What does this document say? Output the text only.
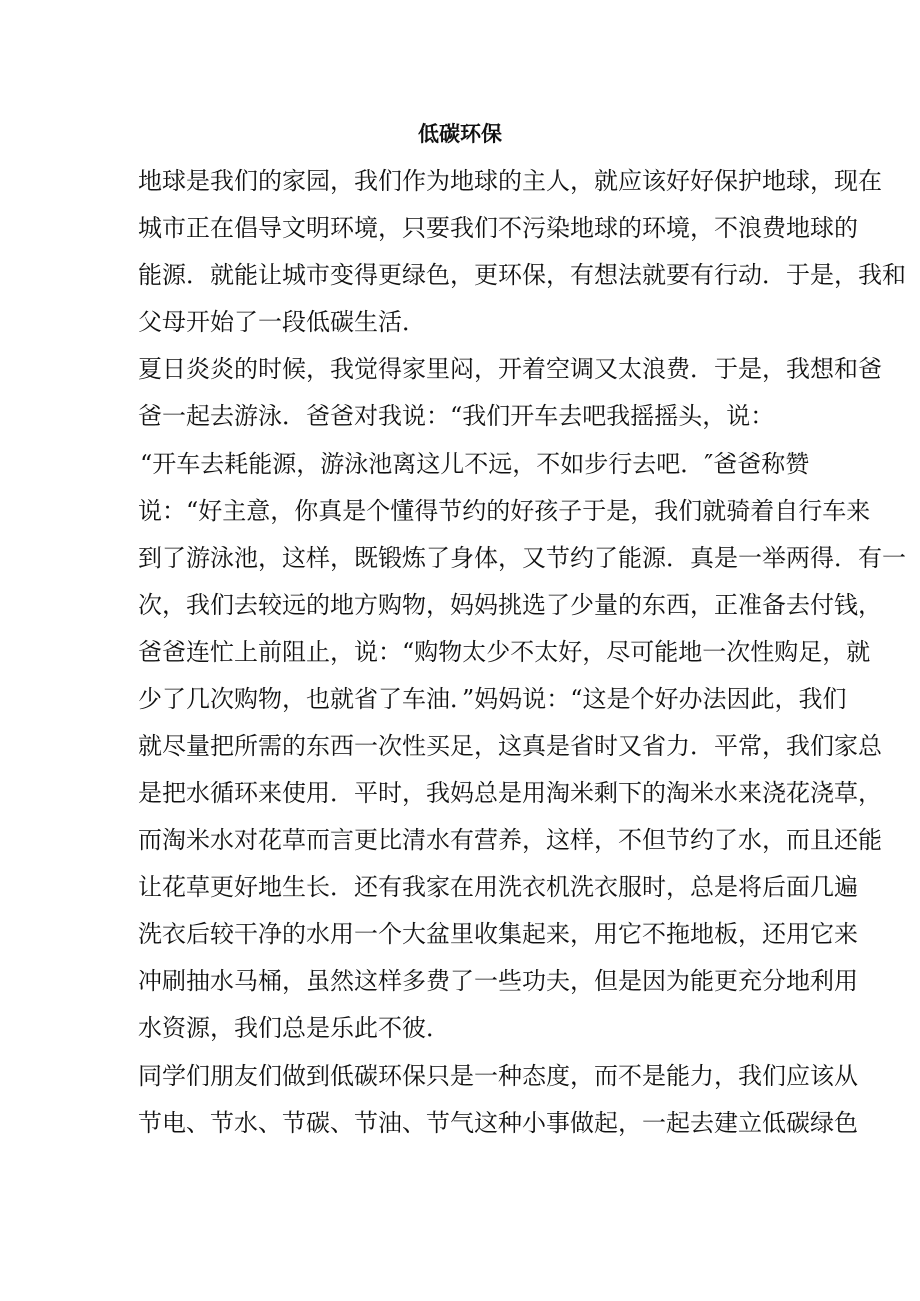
低碳环保

地球是我们的家园，我们作为地球的主人，就应该好好保护地球，现在

城市正在倡导文明环境，只要我们不污染地球的环境，不浪费地球的

能源．就能让城市变得更绿色，更环保，有想法就要有行动．于是，我和

父母开始了一段低碳生活．

夏日炎炎的时候，我觉得家里闷，开着空调又太浪费．于是，我想和爸

爸一起去游泳．爸爸对我说：“我们开车去吧我摇摇头，说：

“开车去耗能源，游泳池离这儿不远，不如步行去吧．″爸爸称赞

说：“好主意，你真是个懂得节约的好孩子于是，我们就骑着自行车来

到了游泳池，这样，既锻炼了身体，又节约了能源．真是一举两得．有一

次，我们去较远的地方购物，妈妈挑选了少量的东西，正准备去付钱，

爸爸连忙上前阻止，说：“购物太少不太好，尽可能地一次性购足，就

少了几次购物，也就省了车油．”妈妈说：“这是个好办法因此，我们

就尽量把所需的东西一次性买足，这真是省时又省力．平常，我们家总

是把水循环来使用．平时，我妈总是用淘米剩下的淘米水来浇花浇草，

而淘米水对花草而言更比清水有营养，这样，不但节约了水，而且还能

让花草更好地生长．还有我家在用洗衣机洗衣服时，总是将后面几遍

洗衣后较干净的水用一个大盆里收集起来，用它不拖地板，还用它来

冲刷抽水马桶，虽然这样多费了一些功夫，但是因为能更充分地利用

水资源，我们总是乐此不彼．

同学们朋友们做到低碳环保只是一种态度，而不是能力，我们应该从

节电、节水、节碳、节油、节气这种小事做起，一起去建立低碳绿色
